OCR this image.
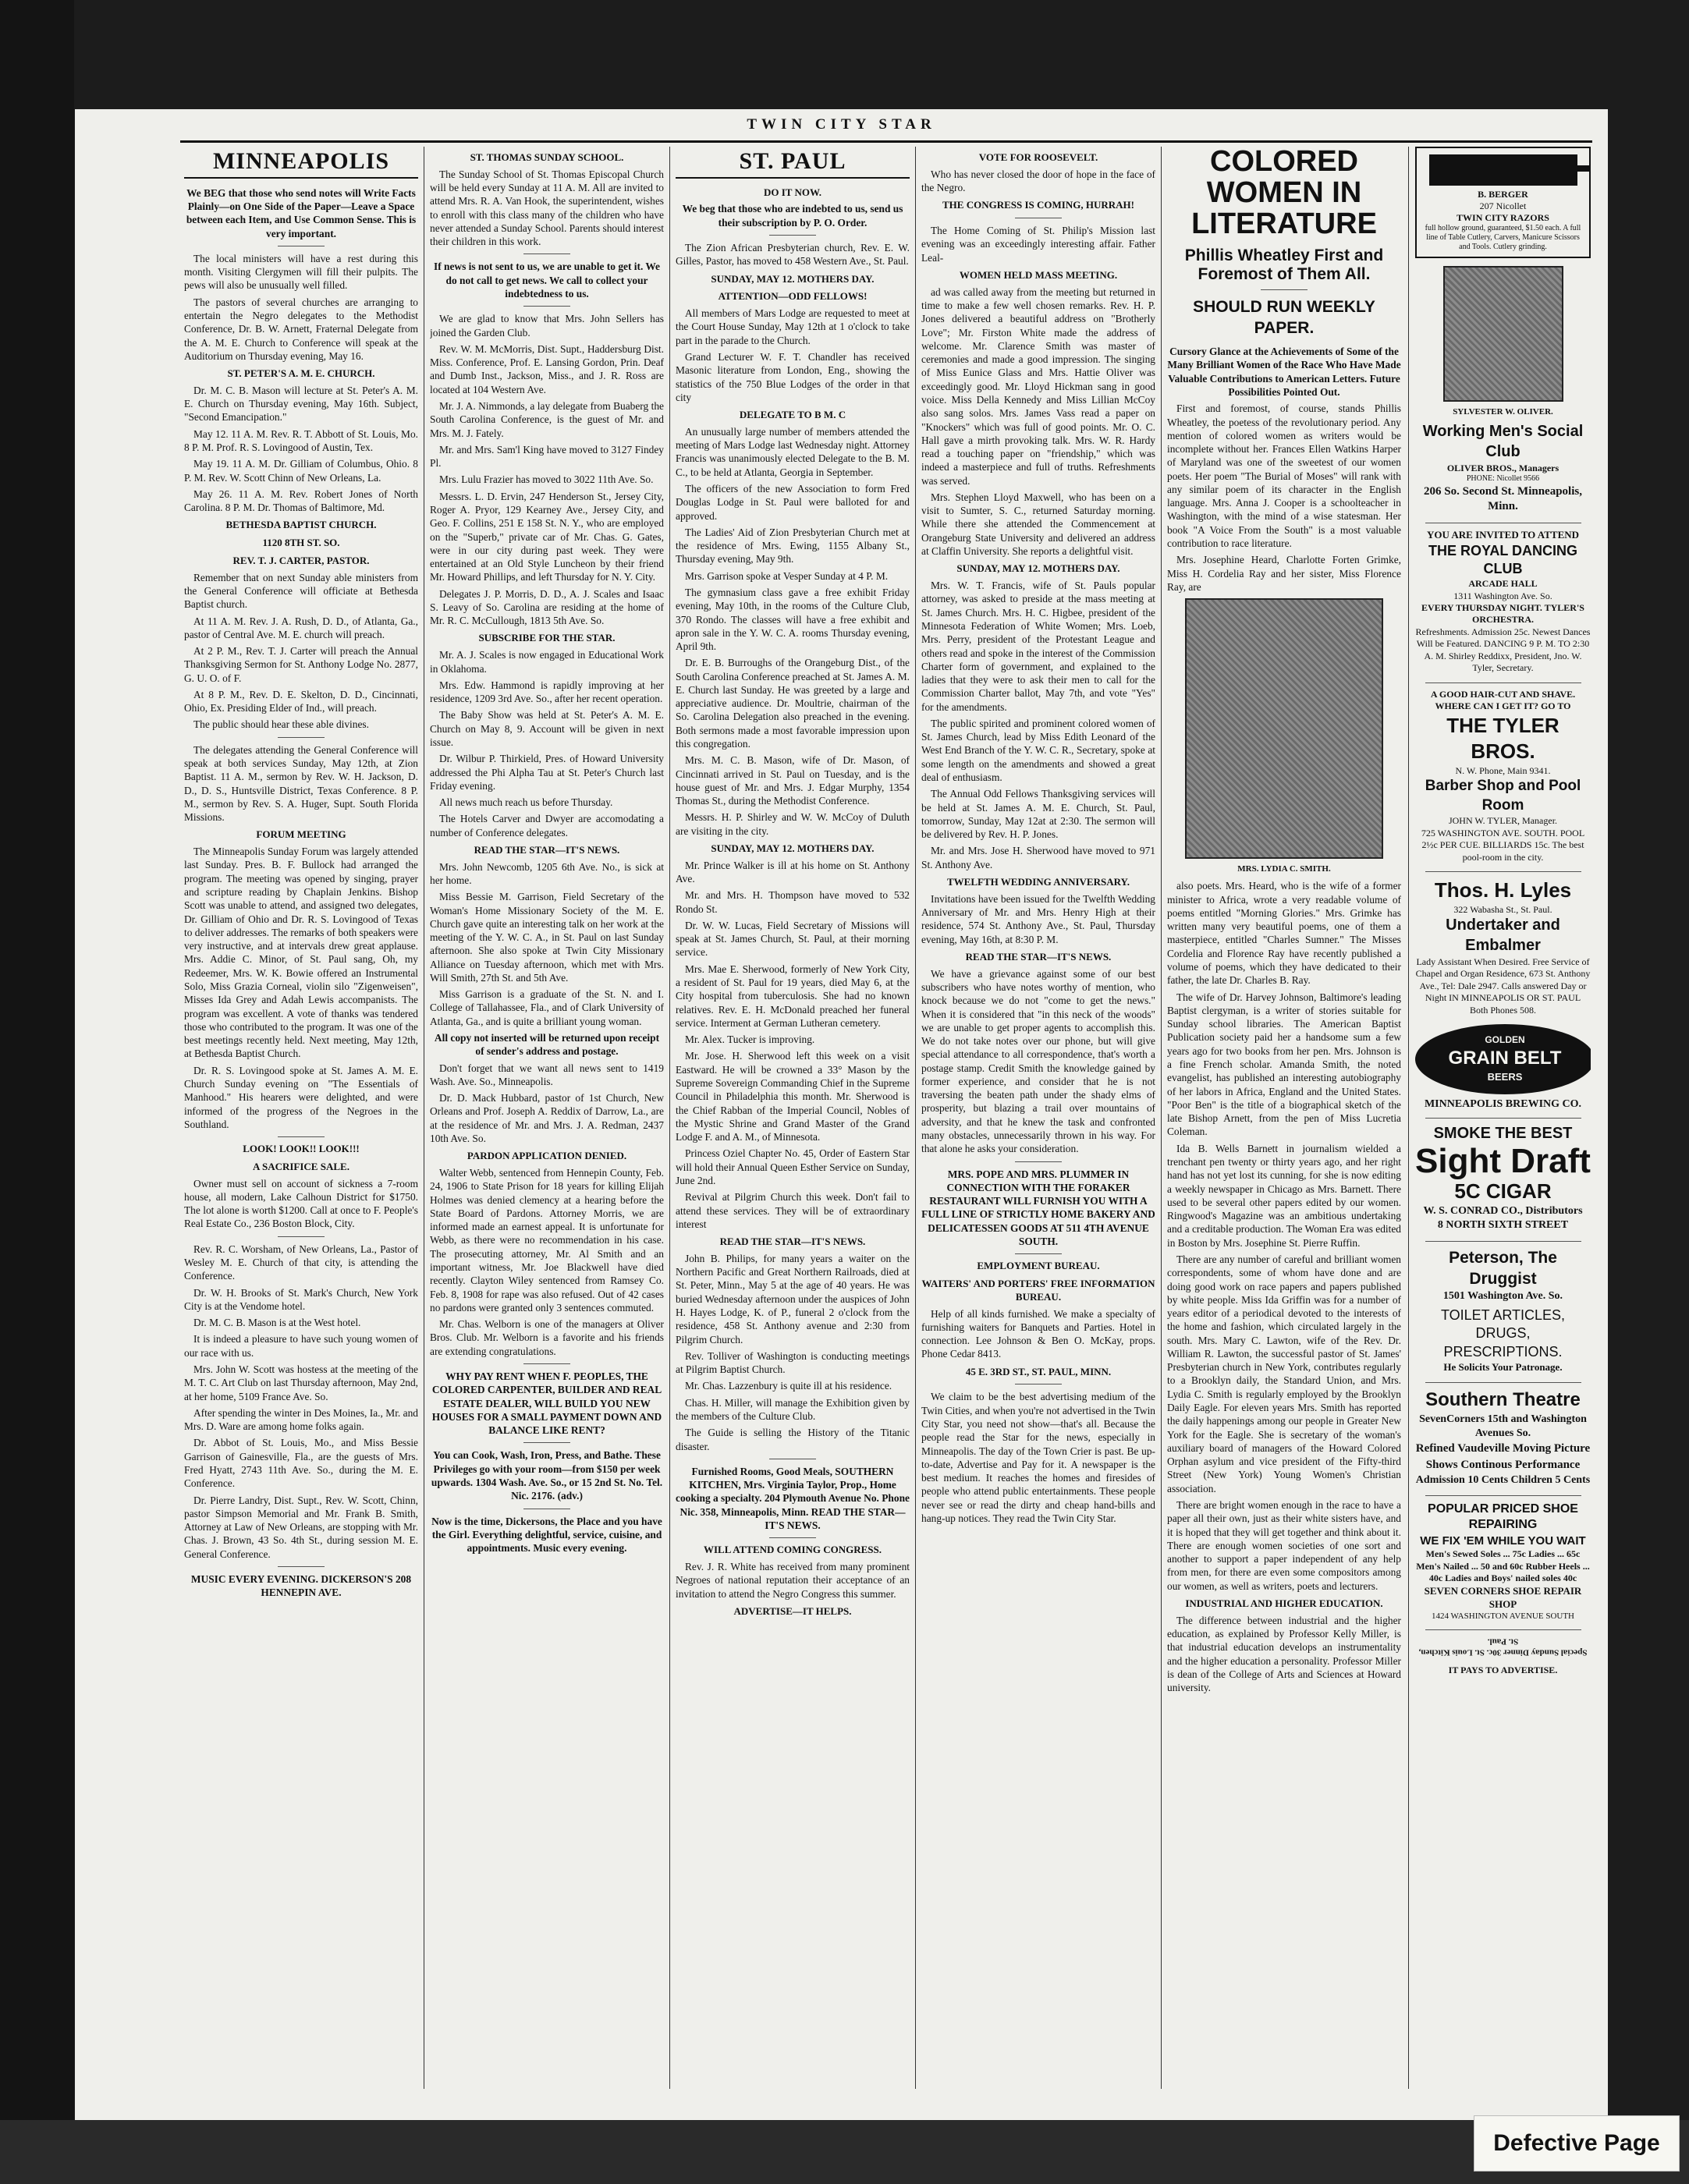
TWIN CITY STAR
MINNEAPOLIS

We BEG that those who send notes will Write Facts Plainly—on One Side of the Paper—Leave a Space between each Item, and Use Common Sense. This is very important.

The local ministers will have a rest during this month. Visiting Clergymen will fill their pulpits. The pews will also be unusually well filled.

The pastors of several churches are arranging to entertain the Negro delegates to the Methodist Conference, Dr. B. W. Arnett, Fraternal Delegate from the A. M. E. Church to Conference will speak at the Auditorium on Thursday evening, May 16.

ST. PETER'S A. M. E. CHURCH.

Dr. M. C. B. Mason will lecture at St. Peter's A. M. E. Church on Thursday evening, May 16th. Subject, "Second Emancipation."

May 12. 11 A. M. Rev. R. T. Abbott of St. Louis, Mo. 8 P. M. Prof. R. S. Lovingood of Austin, Tex.

May 19. 11 A. M. Dr. Gilliam of Columbus, Ohio. 8 P. M. Rev. W. Scott Chinn of New Orleans, La.

May 26. 11 A. M. Rev. Robert Jones of North Carolina. 8 P. M. Dr. Thomas of Baltimore, Md.

BETHESDA BAPTIST CHURCH.
1120 8TH ST. SO.
REV. T. J. CARTER, PASTOR.

Remember that on next Sunday able ministers from the General Conference will officiate at Bethesda Baptist church.

At 11 A. M. Rev. J. A. Rush, D. D., of Atlanta, Ga., pastor of Central Ave. M. E. church will preach.

At 2 P. M., Rev. T. J. Carter will preach the Annual Thanksgiving Sermon for St. Anthony Lodge No. 2877, G. U. O. of F.

At 8 P. M., Rev. D. E. Skelton, D. D., Cincinnati, Ohio, Ex. Presiding Elder of Ind., will preach.

The public should hear these able divines.

The delegates attending the General Conference will speak at both services Sunday, May 12th, at Zion Baptist. 11 A. M., sermon by Rev. W. H. Jackson, D. D., D. S., Huntsville District, Texas Conference. 8 P. M., sermon by Rev. S. A. Huger, Supt. South Florida Missions.

FORUM MEETING

The Minneapolis Sunday Forum was largely attended last Sunday. Pres. B. F. Bullock had arranged the program. The meeting was opened by singing, prayer and scripture reading by Chaplain Jenkins. Bishop Scott was unable to attend, and assigned two delegates, Dr. Gilliam of Ohio and Dr. R. S. Lovingood of Texas to deliver addresses. The remarks of both speakers were very instructive, and at intervals drew great applause. Mrs. Addie C. Minor, of St. Paul sang, Oh, my Redeemer, Mrs. W. K. Bowie offered an Instrumental Solo, Miss Grazia Corneal, violin silo "Zigenweisen", Misses Ida Grey and Adah Lewis accompanists. The program was excellent. A vote of thanks was tendered those who contributed to the program. It was one of the best meetings recently held. Next meeting, May 12th, at Bethesda Baptist Church.

Dr. R. S. Lovingood spoke at St. James A. M. E. Church Sunday evening on "The Essentials of Manhood." His hearers were delighted, and were informed of the progress of the Negroes in the Southland.

LOOK! LOOK!! LOOK!!!
A SACRIFICE SALE.

Owner must sell on account of sickness a 7-room house, all modern, Lake Calhoun District for $1750. The lot alone is worth $1200. Call at once to F. People's Real Estate Co., 236 Boston Block, City.

Rev. R. C. Worsham, of New Orleans, La., Pastor of Wesley M. E. Church of that city, is attending the Conference.

Dr. W. H. Brooks of St. Mark's Church, New York City is at the Vendome hotel.

Dr. M. C. B. Mason is at the West hotel.

It is indeed a pleasure to have such young women of our race with us.

Mrs. John W. Scott was hostess at the meeting of the M. T. C. Art Club on last Thursday afternoon, May 2nd, at her home, 5109 France Ave. So.

After spending the winter in Des Moines, Ia., Mr. and Mrs. D. Ware are among home folks again.

Dr. Abbot of St. Louis, Mo., and Miss Bessie Garrison of Gainesville, Fla., are the guests of Mrs. Fred Hyatt, 2743 11th Ave. So., during the M. E. Conference.

Dr. Pierre Landry, Dist. Supt., Rev. W. Scott, Chinn, pastor Simpson Memorial and Mr. Frank B. Smith, Attorney at Law of New Orleans, are stopping with Mr. Chas. J. Brown, 43 So. 4th St., during session M. E. General Conference.

MUSIC EVERY EVENING. DICKERSON'S 208 HENNEPIN AVE.

ST. THOMAS SUNDAY SCHOOL.

The Sunday School of St. Thomas Episcopal Church will be held every Sunday at 11 A. M. All are invited to attend Mrs. R. A. Van Hook, the superintendent, wishes to enroll with this class many of the children who have never attended a Sunday School. Parents should interest their children in this work.

If news is not sent to us, we are unable to get it. We do not call to get news. We call to collect your indebtedness to us.

We are glad to know that Mrs. John Sellers has joined the Garden Club.

Rev. W. M. McMorris, Dist. Supt., Haddersburg Dist. Miss. Conference, Prof. E. Lansing Gordon, Prin. Deaf and Dumb Inst., Jackson, Miss., and J. R. Ross are located at 104 Western Ave.

Mr. J. A. Nimmonds, a lay delegate from Buaberg the South Carolina Conference, is the guest of Mr. and Mrs. M. J. Fately.

Mr. and Mrs. Sam'l King have moved to 3127 Findey Pl.

Mrs. Lulu Frazier has moved to 3022 11th Ave. So.

Messrs. L. D. Ervin, 247 Henderson St., Jersey City, Roger A. Pryor, 129 Kearney Ave., Jersey City, and Geo. F. Collins, 251 E 158 St. N. Y., who are employed on the "Superb," private car of Mr. Chas. G. Gates, were in our city during past week. They were entertained at an Old Style Luncheon by their friend Mr. Howard Phillips, and left Thursday for N. Y. City.

Delegates J. P. Morris, D. D., A. J. Scales and Isaac S. Leavy of So. Carolina are residing at the home of Mr. R. C. McCullough, 1813 5th Ave. So.

SUBSCRIBE FOR THE STAR.

Mr. A. J. Scales is now engaged in Educational Work in Oklahoma.

Mrs. Edw. Hammond is rapidly improving at her residence, 1209 3rd Ave. So., after her recent operation.

The Baby Show was held at St. Peter's A. M. E. Church on May 8, 9. Account will be given in next issue.

Dr. Wilbur P. Thirkield, Pres. of Howard University addressed the Phi Alpha Tau at St. Peter's Church last Friday evening.

All news much reach us before Thursday.

The Hotels Carver and Dwyer are accomodating a number of Conference delegates.

READ THE STAR—IT'S NEWS.

Mrs. John Newcomb, 1205 6th Ave. No., is sick at her home.

Miss Bessie M. Garrison, Field Secretary of the Woman's Home Missionary Society of the M. E. Church gave quite an interesting talk on her work at the meeting of the Y. W. C. A., in St. Paul on last Sunday afternoon. She also spoke at Twin City Missionary Alliance on Tuesday afternoon, which met with Mrs. Will Smith, 27th St. and 5th Ave.

Miss Garrison is a graduate of the St. N. and I. College of Tallahassee, Fla., and of Clark University of Atlanta, Ga., and is quite a brilliant young woman.

All copy not inserted will be returned upon receipt of sender's address and postage.

Don't forget that we want all news sent to 1419 Wash. Ave. So., Minneapolis.

Dr. D. Mack Hubbard, pastor of 1st Church, New Orleans and Prof. Joseph A. Reddix of Darrow, La., are at the residence of Mr. and Mrs. J. A. Redman, 2437 10th Ave. So.

PARDON APPLICATION DENIED.

Walter Webb, sentenced from Hennepin County, Feb. 24, 1906 to State Prison for 18 years for killing Elijah Holmes was denied clemency at a hearing before the State Board of Pardons. Attorney Morris, we are informed made an earnest appeal. It is unfortunate for Webb, as there were no recommendation in his case. The prosecuting attorney, Mr. Al Smith and an important witness, Mr. Joe Blackwell have died recently. Clayton Wiley sentenced from Ramsey Co. Feb. 8, 1908 for rape was also refused. Out of 42 cases no pardons were granted only 3 sentences commuted.

Mr. Chas. Welborn is one of the managers at Oliver Bros. Club. Mr. Welborn is a favorite and his friends are extending congratulations.

WHY PAY RENT WHEN F. PEOPLES, THE COLORED CARPENTER, BUILDER AND REAL ESTATE DEALER, WILL BUILD YOU NEW HOUSES FOR A SMALL PAYMENT DOWN AND BALANCE LIKE RENT?

You can Cook, Wash, Iron, Press, and Bathe. These Privileges go with your room—from $150 per week upwards. 1304 Wash. Ave. So., or 15 2nd St. No. Tel. Nic. 2176. (adv.)

Now is the time, Dickersons, the Place and you have the Girl. Everything delightful, service, cuisine, and appointments. Music every evening.

ST. PAUL
DO IT NOW.

We beg that those who are indebted to us, send us their subscription by P. O. Order.

The Zion African Presbyterian church, Rev. E. W. Gilles, Pastor, has moved to 458 Western Ave., St. Paul.

SUNDAY, MAY 12. MOTHERS DAY.
ATTENTION—ODD FELLOWS!

All members of Mars Lodge are requested to meet at the Court House Sunday, May 12th at 1 o'clock to take part in the parade to the Church.

Grand Lecturer W. F. T. Chandler has received Masonic literature from London, Eng., showing the statistics of the 750 Blue Lodges of the order in that city

DELEGATE TO B M. C

An unusually large number of members attended the meeting of Mars Lodge last Wednesday night. Attorney Francis was unanimously elected Delegate to the B. M. C., to be held at Atlanta, Georgia in September.

The officers of the new Association to form Fred Douglas Lodge in St. Paul were balloted for and approved.

The Ladies' Aid of Zion Presbyterian Church met at the residence of Mrs. Ewing, 1155 Albany St., Thursday evening, May 9th.

Mrs. Garrison spoke at Vesper Sunday at 4 P. M.

The gymnasium class gave a free exhibit Friday evening, May 10th, in the rooms of the Culture Club, 370 Rondo. The classes will have a free exhibit and apron sale in the Y. W. C. A. rooms Thursday evening, April 9th.

Dr. E. B. Burroughs of the Orangeburg Dist., of the South Carolina Conference preached at St. James A. M. E. Church last Sunday. He was greeted by a large and appreciative audience. Dr. Moultrie, chairman of the So. Carolina Delegation also preached in the evening. Both sermons made a most favorable impression upon this congregation.

Mrs. M. C. B. Mason, wife of Dr. Mason, of Cincinnati arrived in St. Paul on Tuesday, and is the house guest of Mr. and Mrs. J. Edgar Murphy, 1354 Thomas St., during the Methodist Conference.

Messrs. H. P. Shirley and W. W. McCoy of Duluth are visiting in the city.

SUNDAY, MAY 12. MOTHERS DAY.

Mr. Prince Walker is ill at his home on St. Anthony Ave.

Mr. and Mrs. H. Thompson have moved to 532 Rondo St.

Dr. W. W. Lucas, Field Secretary of Missions will speak at St. James Church, St. Paul, at their morning service.

Mrs. Mae E. Sherwood, formerly of New York City, a resident of St. Paul for 19 years, died May 6, at the City hospital from tuberculosis. She had no known relatives. Rev. E. H. McDonald preached her funeral service. Interment at German Lutheran cemetery.

Mr. Alex. Tucker is improving.

Mr. Jose. H. Sherwood left this week on a visit Eastward. He will be crowned a 33° Mason by the Supreme Sovereign Commanding Chief in the Supreme Council in Philadelphia this month. Mr. Sherwood is the Chief Rabban of the Imperial Council, Nobles of the Mystic Shrine and Grand Master of the Grand Lodge F. and A. M., of Minnesota.

Princess Oziel Chapter No. 45, Order of Eastern Star will hold their Annual Queen Esther Service on Sunday, June 2nd.

Revival at Pilgrim Church this week. Don't fail to attend these services. They will be of extraordinary interest

READ THE STAR—IT'S NEWS.

John B. Philips, for many years a waiter on the Northern Pacific and Great Northern Railroads, died at St. Peter, Minn., May 5 at the age of 40 years. He was buried Wednesday afternoon under the auspices of John H. Hayes Lodge, K. of P., funeral 2 o'clock from the residence, 458 St. Anthony avenue and 2:30 from Pilgrim Church.

Rev. Tolliver of Washington is conducting meetings at Pilgrim Baptist Church.

Mr. Chas. Lazzenbury is quite ill at his residence.

Chas. H. Miller, will manage the Exhibition given by the members of the Culture Club.

The Guide is selling the History of the Titanic disaster.

Furnished Rooms, Good Meals, SOUTHERN KITCHEN, Mrs. Virginia Taylor, Prop., Home cooking a specialty. 204 Plymouth Avenue No. Phone Nic. 358, Minneapolis, Minn. READ THE STAR—IT'S NEWS.

WILL ATTEND COMING CONGRESS.

Rev. J. R. White has received from many prominent Negroes of national reputation their acceptance of an invitation to attend the Negro Congress this summer.

ADVERTISE—IT HELPS.
VOTE FOR ROOSEVELT.

Who has never closed the door of hope in the face of the Negro.

THE CONGRESS IS COMING, HURRAH!

The Home Coming of St. Philip's Mission last evening was an exceedingly interesting affair. Father Leal-

WOMEN HELD MASS MEETING.

ad was called away from the meeting but returned in time to make a few well chosen remarks. Rev. H. P. Jones delivered a beautiful address on "Brotherly Love"; Mr. Firston White made the address of welcome. Mr. Clarence Smith was master of ceremonies and made a good impression. The singing of Miss Eunice Glass and Mrs. Hattie Oliver was exceedingly good. Mr. Lloyd Hickman sang in good voice. Miss Della Kennedy and Miss Lillian McCoy also sang solos. Mrs. James Vass read a paper on "Knockers" which was full of good points. Mr. O. C. Hall gave a mirth provoking talk. Mrs. W. R. Hardy read a touching paper on "friendship," which was indeed a masterpiece and full of truths. Refreshments was served.

Mrs. Stephen Lloyd Maxwell, who has been on a visit to Sumter, S. C., returned Saturday morning. While there she attended the Commencement at Orangeburg State University and delivered an address at Claffin University. She reports a delightful visit.

SUNDAY, MAY 12. MOTHERS DAY.

Mrs. W. T. Francis, wife of St. Pauls popular attorney, was asked to preside at the mass meeting at St. James Church. Mrs. H. C. Higbee, president of the Minnesota Federation of White Women; Mrs. Loeb, Mrs. Perry, president of the Protestant League and others read and spoke in the interest of the Commission Charter form of government, and explained to the ladies that they were to ask their men to call for the Commission Charter ballot, May 7th, and vote "Yes" for the amendments.

The public spirited and prominent colored women of St. James Church, lead by Miss Edith Leonard of the West End Branch of the Y. W. C. R., Secretary, spoke at some length on the amendments and showed a great deal of enthusiasm.

The Annual Odd Fellows Thanksgiving services will be held at St. James A. M. E. Church, St. Paul, tomorrow, Sunday, May 12at at 2:30. The sermon will be delivered by Rev. H. P. Jones.

Mr. and Mrs. Jose H. Sherwood have moved to 971 St. Anthony Ave.

TWELFTH WEDDING ANNIVERSARY.

Invitations have been issued for the Twelfth Wedding Anniversary of Mr. and Mrs. Henry High at their residence, 574 St. Anthony Ave., St. Paul, Thursday evening, May 16th, at 8:30 P. M.

READ THE STAR—IT'S NEWS.

We have a grievance against some of our best subscribers who have notes worthy of mention, who knock because we do not "come to get the news." When it is considered that "in this neck of the woods" we are unable to get proper agents to accomplish this. We do not take notes over our phone, but will give special attendance to all correspondence, that's worth a postage stamp. Credit Smith the knowledge gained by former experience, and consider that he is not traversing the beaten path under the shady elms of prosperity, but blazing a trail over mountains of adversity, and that he knew the task and confronted many obstacles, unnecessarily thrown in his way. For that alone he asks your consideration.

MRS. POPE AND MRS. PLUMMER IN CONNECTION WITH THE FORAKER RESTAURANT WILL FURNISH YOU WITH A FULL LINE OF STRICTLY HOME BAKERY AND DELICATESSEN GOODS AT 511 4TH AVENUE SOUTH.

EMPLOYMENT BUREAU.
WAITERS' AND PORTERS' FREE INFORMATION BUREAU.

Help of all kinds furnished. We make a specialty of furnishing waiters for Banquets and Parties. Hotel in connection. Lee Johnson & Ben O. McKay, props. Phone Cedar 8413.

45 E. 3RD ST., ST. PAUL, MINN.

We claim to be the best advertising medium of the Twin Cities, and when you're not advertised in the Twin City Star, you need not show—that's all. Because the people read the Star for the news, especially in Minneapolis. The day of the Town Crier is past. Be up-to-date, Advertise and Pay for it. A newspaper is the best medium. It reaches the homes and firesides of people who attend public entertainments. These people never see or read the dirty and cheap hand-bills and hang-up notices. They read the Twin City Star.

COLORED WOMEN IN LITERATURE
Phillis Wheatley First and Foremost of Them All.
SHOULD RUN WEEKLY PAPER.

Cursory Glance at the Achievements of Some of the Many Brilliant Women of the Race Who Have Made Valuable Contributions to American Letters. Future Possibilities Pointed Out.

First and foremost, of course, stands Phillis Wheatley, the poetess of the revolutionary period. Any mention of colored women as writers would be incomplete without her. Frances Ellen Watkins Harper of Maryland was one of the sweetest of our women poets. Her poem "The Burial of Moses" will rank with any similar poem of its character in the English language. Mrs. Anna J. Cooper is a schoolteacher in Washington, with the mind of a wise statesman. Her book "A Voice From the South" is a most valuable contribution to race literature.

Mrs. Josephine Heard, Charlotte Forten Grimke, Miss H. Cordelia Ray and her sister, Miss Florence Ray, are

MRS. LYDIA C. SMITH.

also poets. Mrs. Heard, who is the wife of a former minister to Africa, wrote a very readable volume of poems entitled "Morning Glories." Mrs. Grimke has written many very beautiful poems, one of them a masterpiece, entitled "Charles Sumner." The Misses Cordelia and Florence Ray have recently published a volume of poems, which they have dedicated to their father, the late Dr. Charles B. Ray.

The wife of Dr. Harvey Johnson, Baltimore's leading Baptist clergyman, is a writer of stories suitable for Sunday school libraries. The American Baptist Publication society paid her a handsome sum a few years ago for two books from her pen. Mrs. Johnson is a fine French scholar. Amanda Smith, the noted evangelist, has published an interesting autobiography of her labors in Africa, England and the United States. "Poor Ben" is the title of a biographical sketch of the late Bishop Arnett, from the pen of Miss Lucretia Coleman.

Ida B. Wells Barnett in journalism wielded a trenchant pen twenty or thirty years ago, and her right hand has not yet lost its cunning, for she is now editing a weekly newspaper in Chicago as Mrs. Barnett. There used to be several other papers edited by our women. Ringwood's Magazine was an ambitious undertaking and a creditable production. The Woman Era was edited in Boston by Mrs. Josephine St. Pierre Ruffin.

There are any number of careful and brilliant women correspondents, some of whom have done and are doing good work on race papers and papers published by white people. Miss Ida Griffin was for a number of years editor of a periodical devoted to the interests of the home and fashion, which circulated largely in the south. Mrs. Mary C. Lawton, wife of the Rev. Dr. William R. Lawton, the successful pastor of St. James' Presbyterian church in New York, contributes regularly to a Brooklyn daily, the Standard Union, and Mrs. Lydia C. Smith is regularly employed by the Brooklyn Daily Eagle. For eleven years Mrs. Smith has reported the daily happenings among our people in Greater New York for the Eagle. She is secretary of the woman's auxiliary board of managers of the Howard Colored Orphan asylum and vice president of the Fifty-third Street (New York) Young Women's Christian association.

There are bright women enough in the race to have a paper all their own, just as their white sisters have, and it is hoped that they will get together and think about it. There are enough women societies of one sort and another to support a paper independent of any help from men, for there are even some compositors among our women, as well as writers, poets and lecturers.

INDUSTRIAL AND HIGHER EDUCATION.

The difference between industrial and the higher education, as explained by Professor Kelly Miller, is that industrial education develops an instrumentality and the higher education a personality. Professor Miller is dean of the College of Arts and Sciences at Howard university.

B. BERGER
207 Nicollet
TWIN CITY RAZORS
full hollow ground, guaranteed, $1.50 each. A full line of Table Cutlery, Carvers, Manicure Scissors and Tools. Cutlery grinding.
SYLVESTER W. OLIVER.
Working Men's Social Club
OLIVER BROS., Managers
PHONE: Nicollet 9566
206 So. Second St. Minneapolis, Minn.
YOU ARE INVITED TO ATTEND
THE ROYAL DANCING CLUB
ARCADE HALL
1311 Washington Ave. So.
EVERY THURSDAY NIGHT. TYLER'S ORCHESTRA.
Refreshments. Admission 25c. Newest Dances Will be Featured. DANCING 9 P. M. TO 2:30 A. M. Shirley Reddixx, President, Jno. W. Tyler, Secretary.
A GOOD HAIR-CUT AND SHAVE. WHERE CAN I GET IT? GO TO
THE TYLER BROS.
N. W. Phone, Main 9341.
Barber Shop and Pool Room
JOHN W. TYLER, Manager.
725 WASHINGTON AVE. SOUTH. POOL 2½c PER CUE. BILLIARDS 15c. The best pool-room in the city.
Thos. H. Lyles
322 Wabasha St., St. Paul.
Undertaker and Embalmer
Lady Assistant When Desired. Free Service of Chapel and Organ Residence, 673 St. Anthony Ave., Tel: Dale 2947. Calls answered Day or Night IN MINNEAPOLIS OR ST. PAUL Both Phones 508.
GOLDEN
GRAIN BELT
BEERS
MINNEAPOLIS BREWING CO.
SMOKE THE BEST
Sight Draft
5C CIGAR
W. S. CONRAD CO., Distributors
8 NORTH SIXTH STREET
Peterson, The Druggist
1501 Washington Ave. So.
TOILET ARTICLES, DRUGS, PRESCRIPTIONS.
He Solicits Your Patronage.
Southern Theatre
SevenCorners 15th and Washington Avenues So.
Refined Vaudeville Moving Picture Shows Continous Performance
Admission 10 Cents Children 5 Cents
POPULAR PRICED SHOE REPAIRING
WE FIX 'EM WHILE YOU WAIT
Men's Sewed Soles ... 75c Ladies ... 65c Men's Nailed ... 50 and 60c Rubber Heels ... 40c Ladies and Boys' nailed soles 40c
SEVEN CORNERS SHOE REPAIR SHOP
1424 WASHINGTON AVENUE SOUTH
Special Sunday Dinner 30c. St. Louis Kitchen, St. Paul.
IT PAYS TO ADVERTISE.
Defective Page
